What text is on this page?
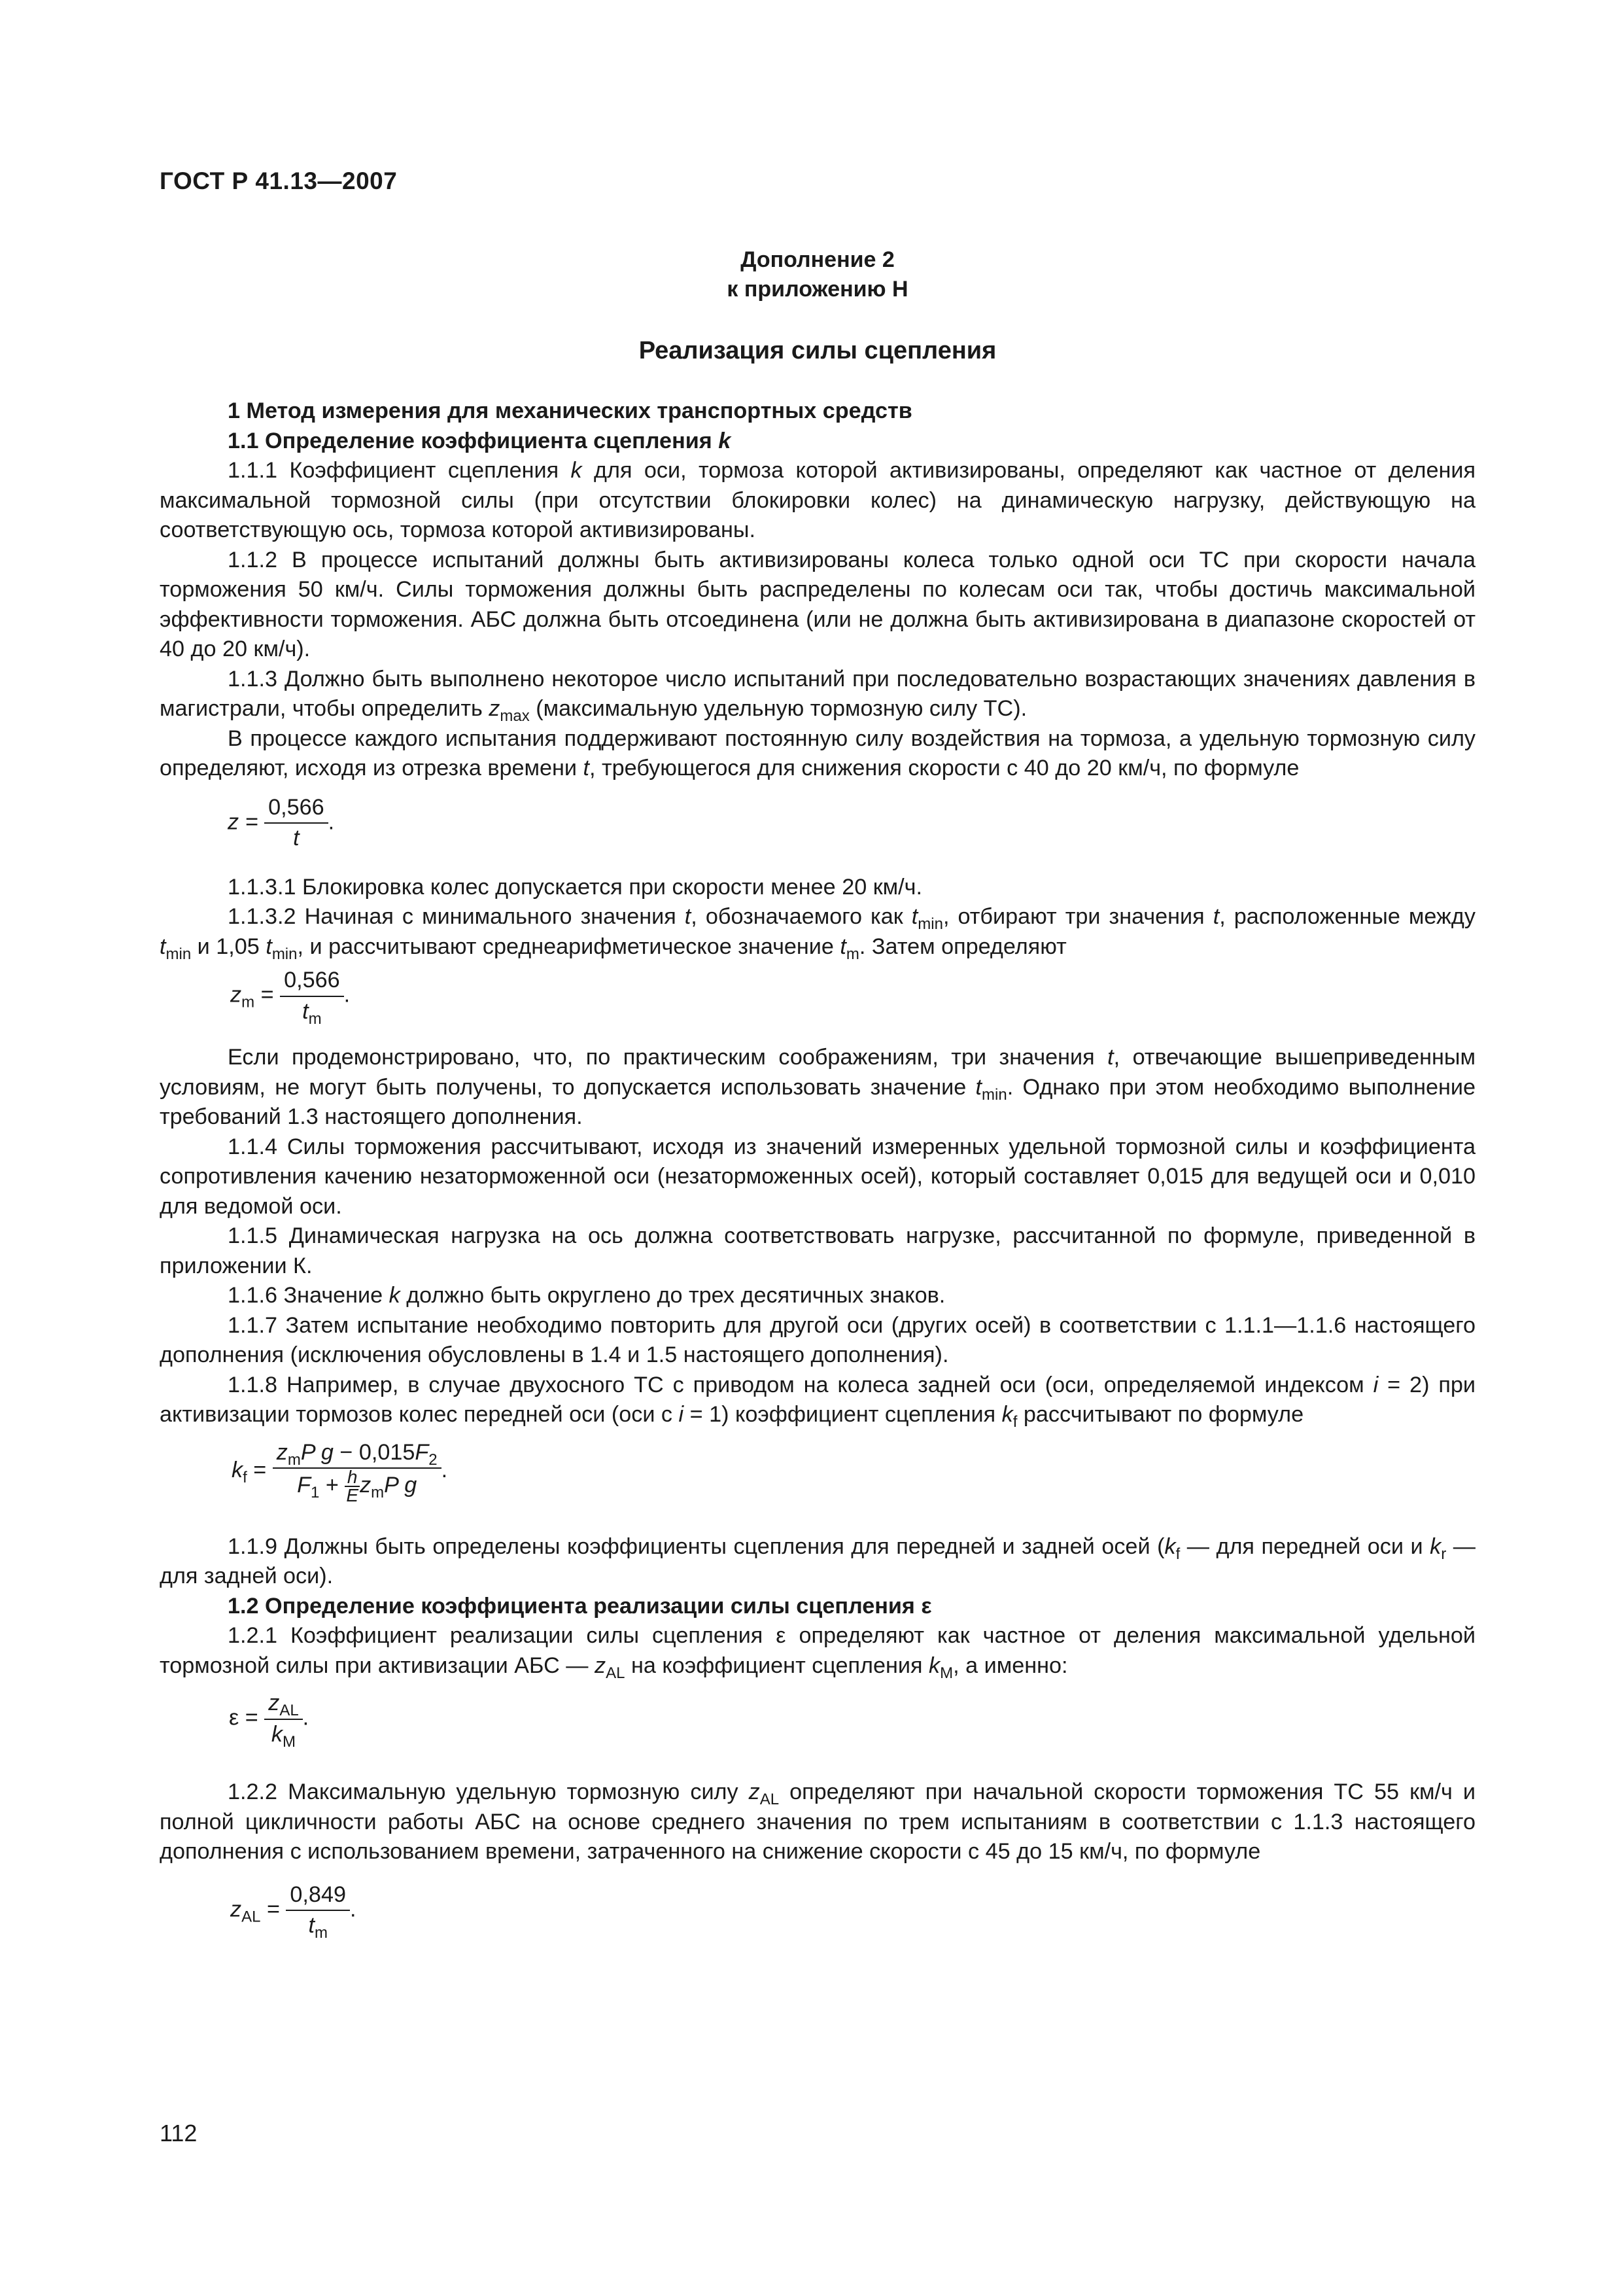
ГОСТ Р 41.13—2007
Дополнение 2
к приложению Н
Реализация силы сцепления

1 Метод измерения для механических транспортных средств

1.1 Определение коэффициента сцепления k

1.1.1 Коэффициент сцепления k для оси, тормоза которой активизированы, определяют как частное от деления максимальной тормозной силы (при отсутствии блокировки колес) на динамическую нагрузку, действующую на соответствующую ось, тормоза которой активизированы.

1.1.2 В процессе испытаний должны быть активизированы колеса только одной оси ТС при скорости начала торможения 50 км/ч. Силы торможения должны быть распределены по колесам оси так, чтобы достичь максимальной эффективности торможения. АБС должна быть отсоединена (или не должна быть активизирована в диапазоне скоростей от 40 до 20 км/ч).

1.1.3 Должно быть выполнено некоторое число испытаний при последовательно возрастающих значениях давления в магистрали, чтобы определить $z_{max}$ (максимальную удельную тормозную силу ТС).

В процессе каждого испытания поддерживают постоянную силу воздействия на тормоза, а удельную тормозную силу определяют, исходя из отрезка времени t, требующегося для снижения скорости с 40 до 20 км/ч, по формуле

$z = \frac{0,566}{t}$ .

1.1.3.1 Блокировка колес допускается при скорости менее 20 км/ч.

1.1.3.2 Начиная с минимального значения t, обозначаемого как $t_{min}$, отбирают три значения t, расположенные между $t_{min}$ и 1,05 $t_{min}$, и рассчитывают среднеарифметическое значение $t_m$. Затем определяют

$z_m = \frac{0,566}{t_m}$ .

Если продемонстрировано, что, по практическим соображениям, три значения t, отвечающие вышеприведенным условиям, не могут быть получены, то допускается использовать значение $t_{min}$. Однако при этом необходимо выполнение требований 1.3 настоящего дополнения.

1.1.4 Силы торможения рассчитывают, исходя из значений измеренных удельной тормозной силы и коэффициента сопротивления качению незаторможенной оси (незаторможенных осей), который составляет 0,015 для ведущей оси и 0,010 для ведомой оси.

1.1.5 Динамическая нагрузка на ось должна соответствовать нагрузке, рассчитанной по формуле, приведенной в приложении К.

1.1.6 Значение k должно быть округлено до трех десятичных знаков.

1.1.7 Затем испытание необходимо повторить для другой оси (других осей) в соответствии с 1.1.1—1.1.6 настоящего дополнения (исключения обусловлены в 1.4 и 1.5 настоящего дополнения).

1.1.8 Например, в случае двухосного ТС с приводом на колеса задней оси (оси, определяемой индексом i = 2) при активизации тормозов колес передней оси (оси с i = 1) коэффициент сцепления $k_f$ рассчитывают по формуле

$k_f = \frac{z_mP g - 0,015F_2}{F_1 + \frac{h}{E} z_mP g}$ .

1.1.9 Должны быть определены коэффициенты сцепления для передней и задней осей ($k_f$ — для передней оси и $k_r$ — для задней оси).

1.2 Определение коэффициента реализации силы сцепления ε

1.2.1 Коэффициент реализации силы сцепления ε определяют как частное от деления максимальной удельной тормозной силы при активизации АБС — $z_{AL}$ на коэффициент сцепления $k_M$, а именно:

$\varepsilon = \frac{z_{AL}}{k_M}$ .

1.2.2 Максимальную удельную тормозную силу $z_{AL}$ определяют при начальной скорости торможения ТС 55 км/ч и полной цикличности работы АБС на основе среднего значения по трем испытаниям в соответствии с 1.1.3 настоящего дополнения с использованием времени, затраченного на снижение скорости с 45 до 15 км/ч, по формуле

$z_{AL} = \frac{0,849}{t_m}$ .
112
